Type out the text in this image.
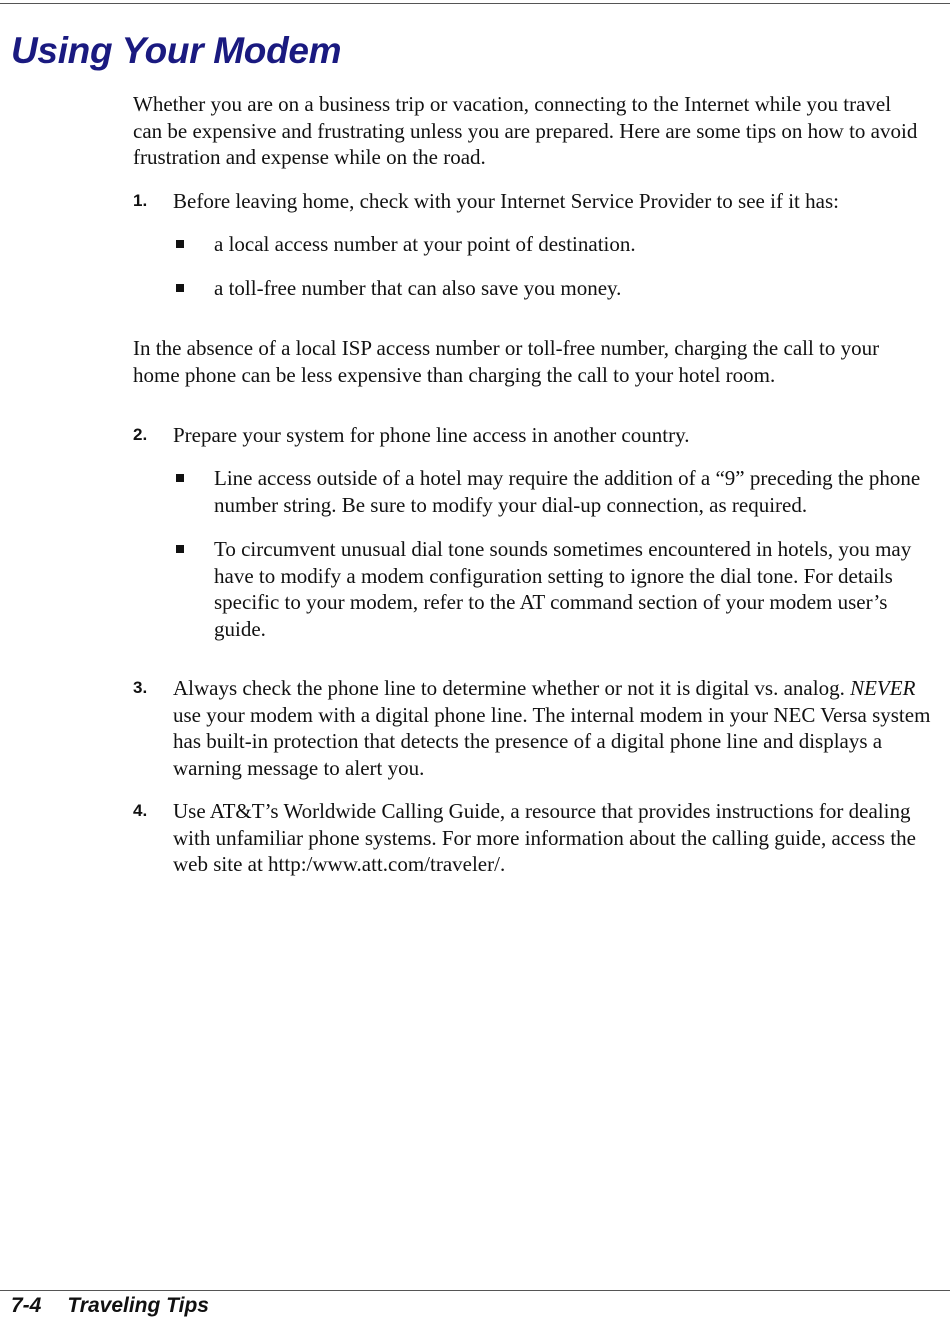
Using Your Modem

Whether you are on a business trip or vacation, connecting to the Internet while you travel can be expensive and frustrating unless you are prepared. Here are some tips on how to avoid frustration and expense while on the road.

1. Before leaving home, check with your Internet Service Provider to see if it has:

a local access number at your point of destination.

a toll-free number that can also save you money.

In the absence of a local ISP access number or toll-free number, charging the call to your home phone can be less expensive than charging the call to your hotel room.

2. Prepare your system for phone line access in another country.

Line access outside of a hotel may require the addition of a “9” preceding the phone number string. Be sure to modify your dial-up connection, as required.

To circumvent unusual dial tone sounds sometimes encountered in hotels, you may have to modify a modem configuration setting to ignore the dial tone. For details specific to your modem, refer to the AT command section of your modem user’s guide.

3. Always check the phone line to determine whether or not it is digital vs. analog. NEVER use your modem with a digital phone line. The internal modem in your NEC Versa system has built-in protection that detects the presence of a digital phone line and displays a warning message to alert you.

4. Use AT&T’s Worldwide Calling Guide, a resource that provides instructions for dealing with unfamiliar phone systems. For more information about the calling guide, access the web site at http:/www.att.com/traveler/.

7-4 Traveling Tips
